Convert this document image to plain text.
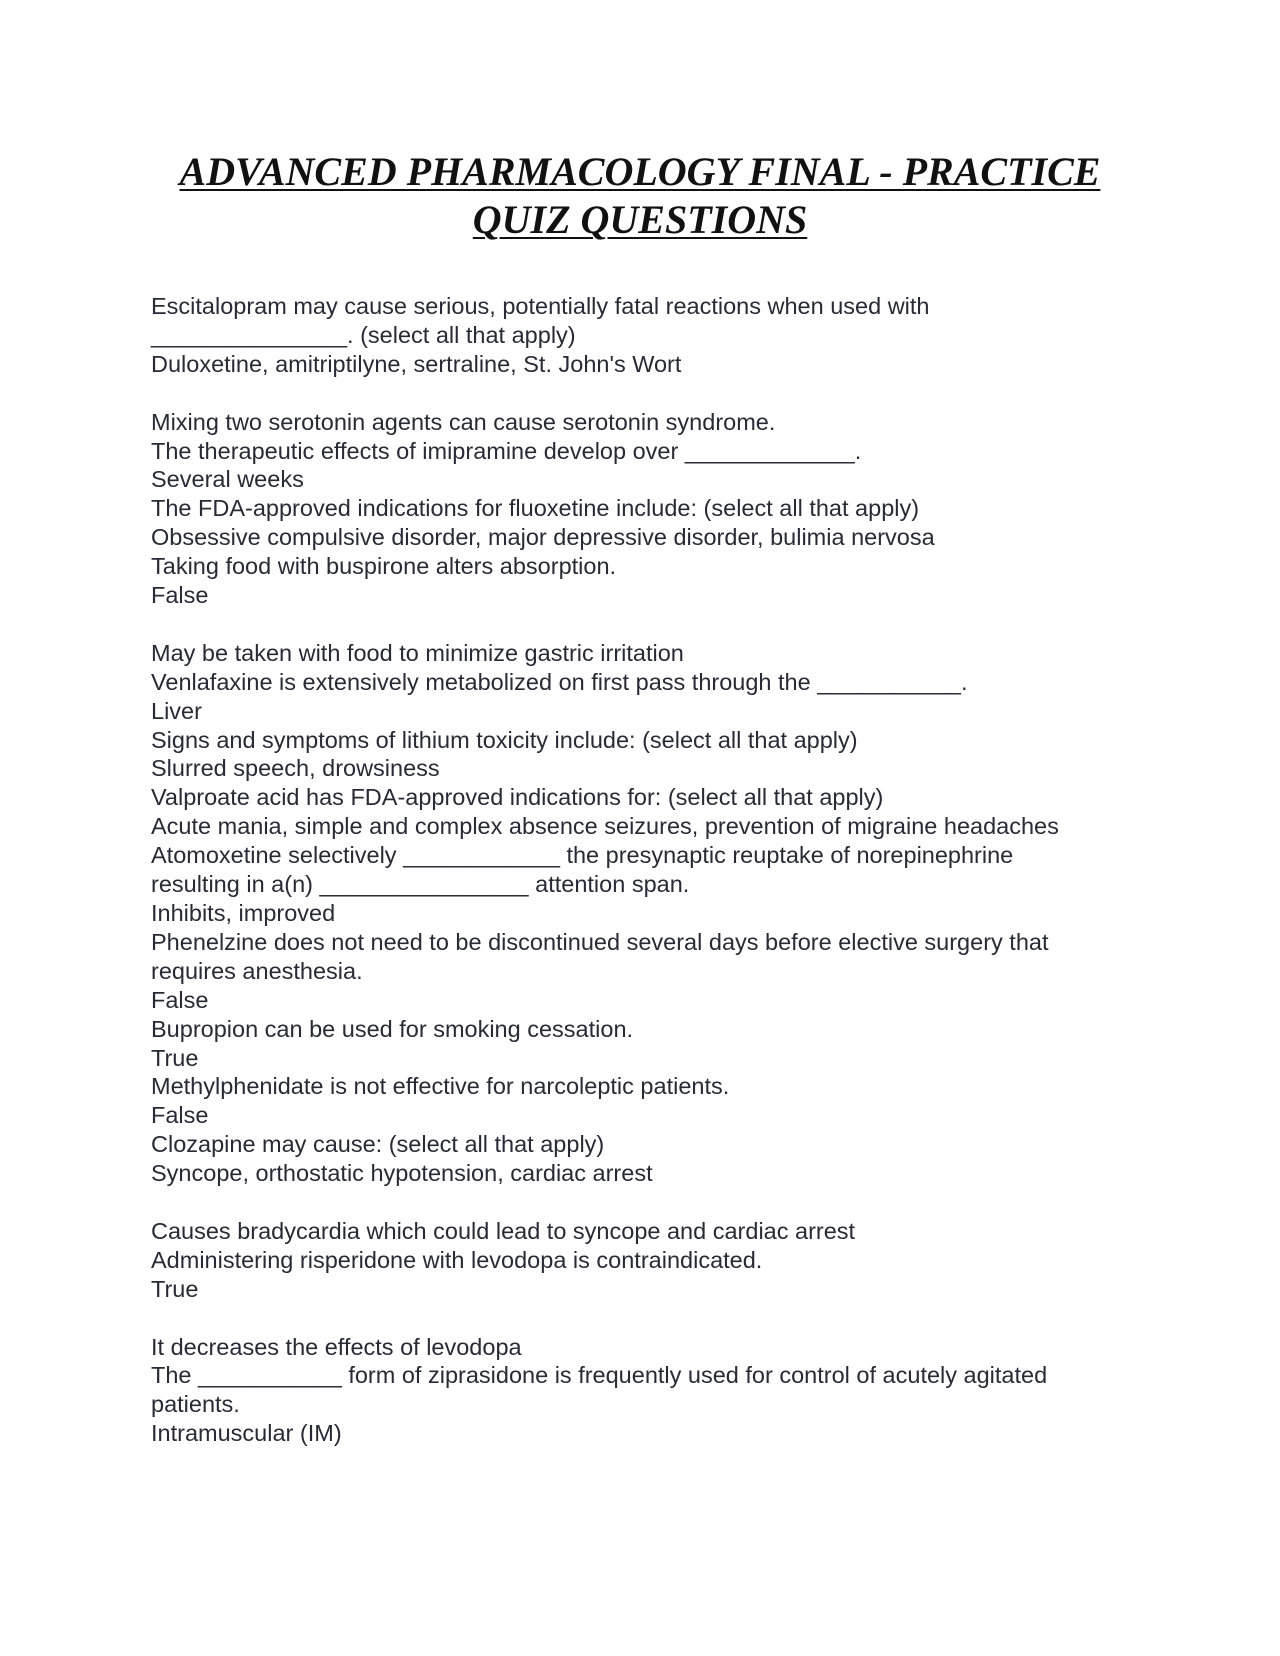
ADVANCED PHARMACOLOGY FINAL - PRACTICE
QUIZ QUESTIONS
Escitalopram may cause serious, potentially fatal reactions when used with
_______________. (select all that apply)
Duloxetine, amitriptilyne, sertraline, St. John's Wort
Mixing two serotonin agents can cause serotonin syndrome.
The therapeutic effects of imipramine develop over _____________.
Several weeks
The FDA-approved indications for fluoxetine include: (select all that apply)
Obsessive compulsive disorder, major depressive disorder, bulimia nervosa
Taking food with buspirone alters absorption.
False
May be taken with food to minimize gastric irritation
Venlafaxine is extensively metabolized on first pass through the ___________.
Liver
Signs and symptoms of lithium toxicity include: (select all that apply)
Slurred speech, drowsiness
Valproate acid has FDA-approved indications for: (select all that apply)
Acute mania, simple and complex absence seizures, prevention of migraine headaches
Atomoxetine selectively ____________ the presynaptic reuptake of norepinephrine
resulting in a(n) ________________ attention span.
Inhibits, improved
Phenelzine does not need to be discontinued several days before elective surgery that
requires anesthesia.
False
Bupropion can be used for smoking cessation.
True
Methylphenidate is not effective for narcoleptic patients.
False
Clozapine may cause: (select all that apply)
Syncope, orthostatic hypotension, cardiac arrest
Causes bradycardia which could lead to syncope and cardiac arrest
Administering risperidone with levodopa is contraindicated.
True
It decreases the effects of levodopa
The ___________ form of ziprasidone is frequently used for control of acutely agitated
patients.
Intramuscular (IM)
